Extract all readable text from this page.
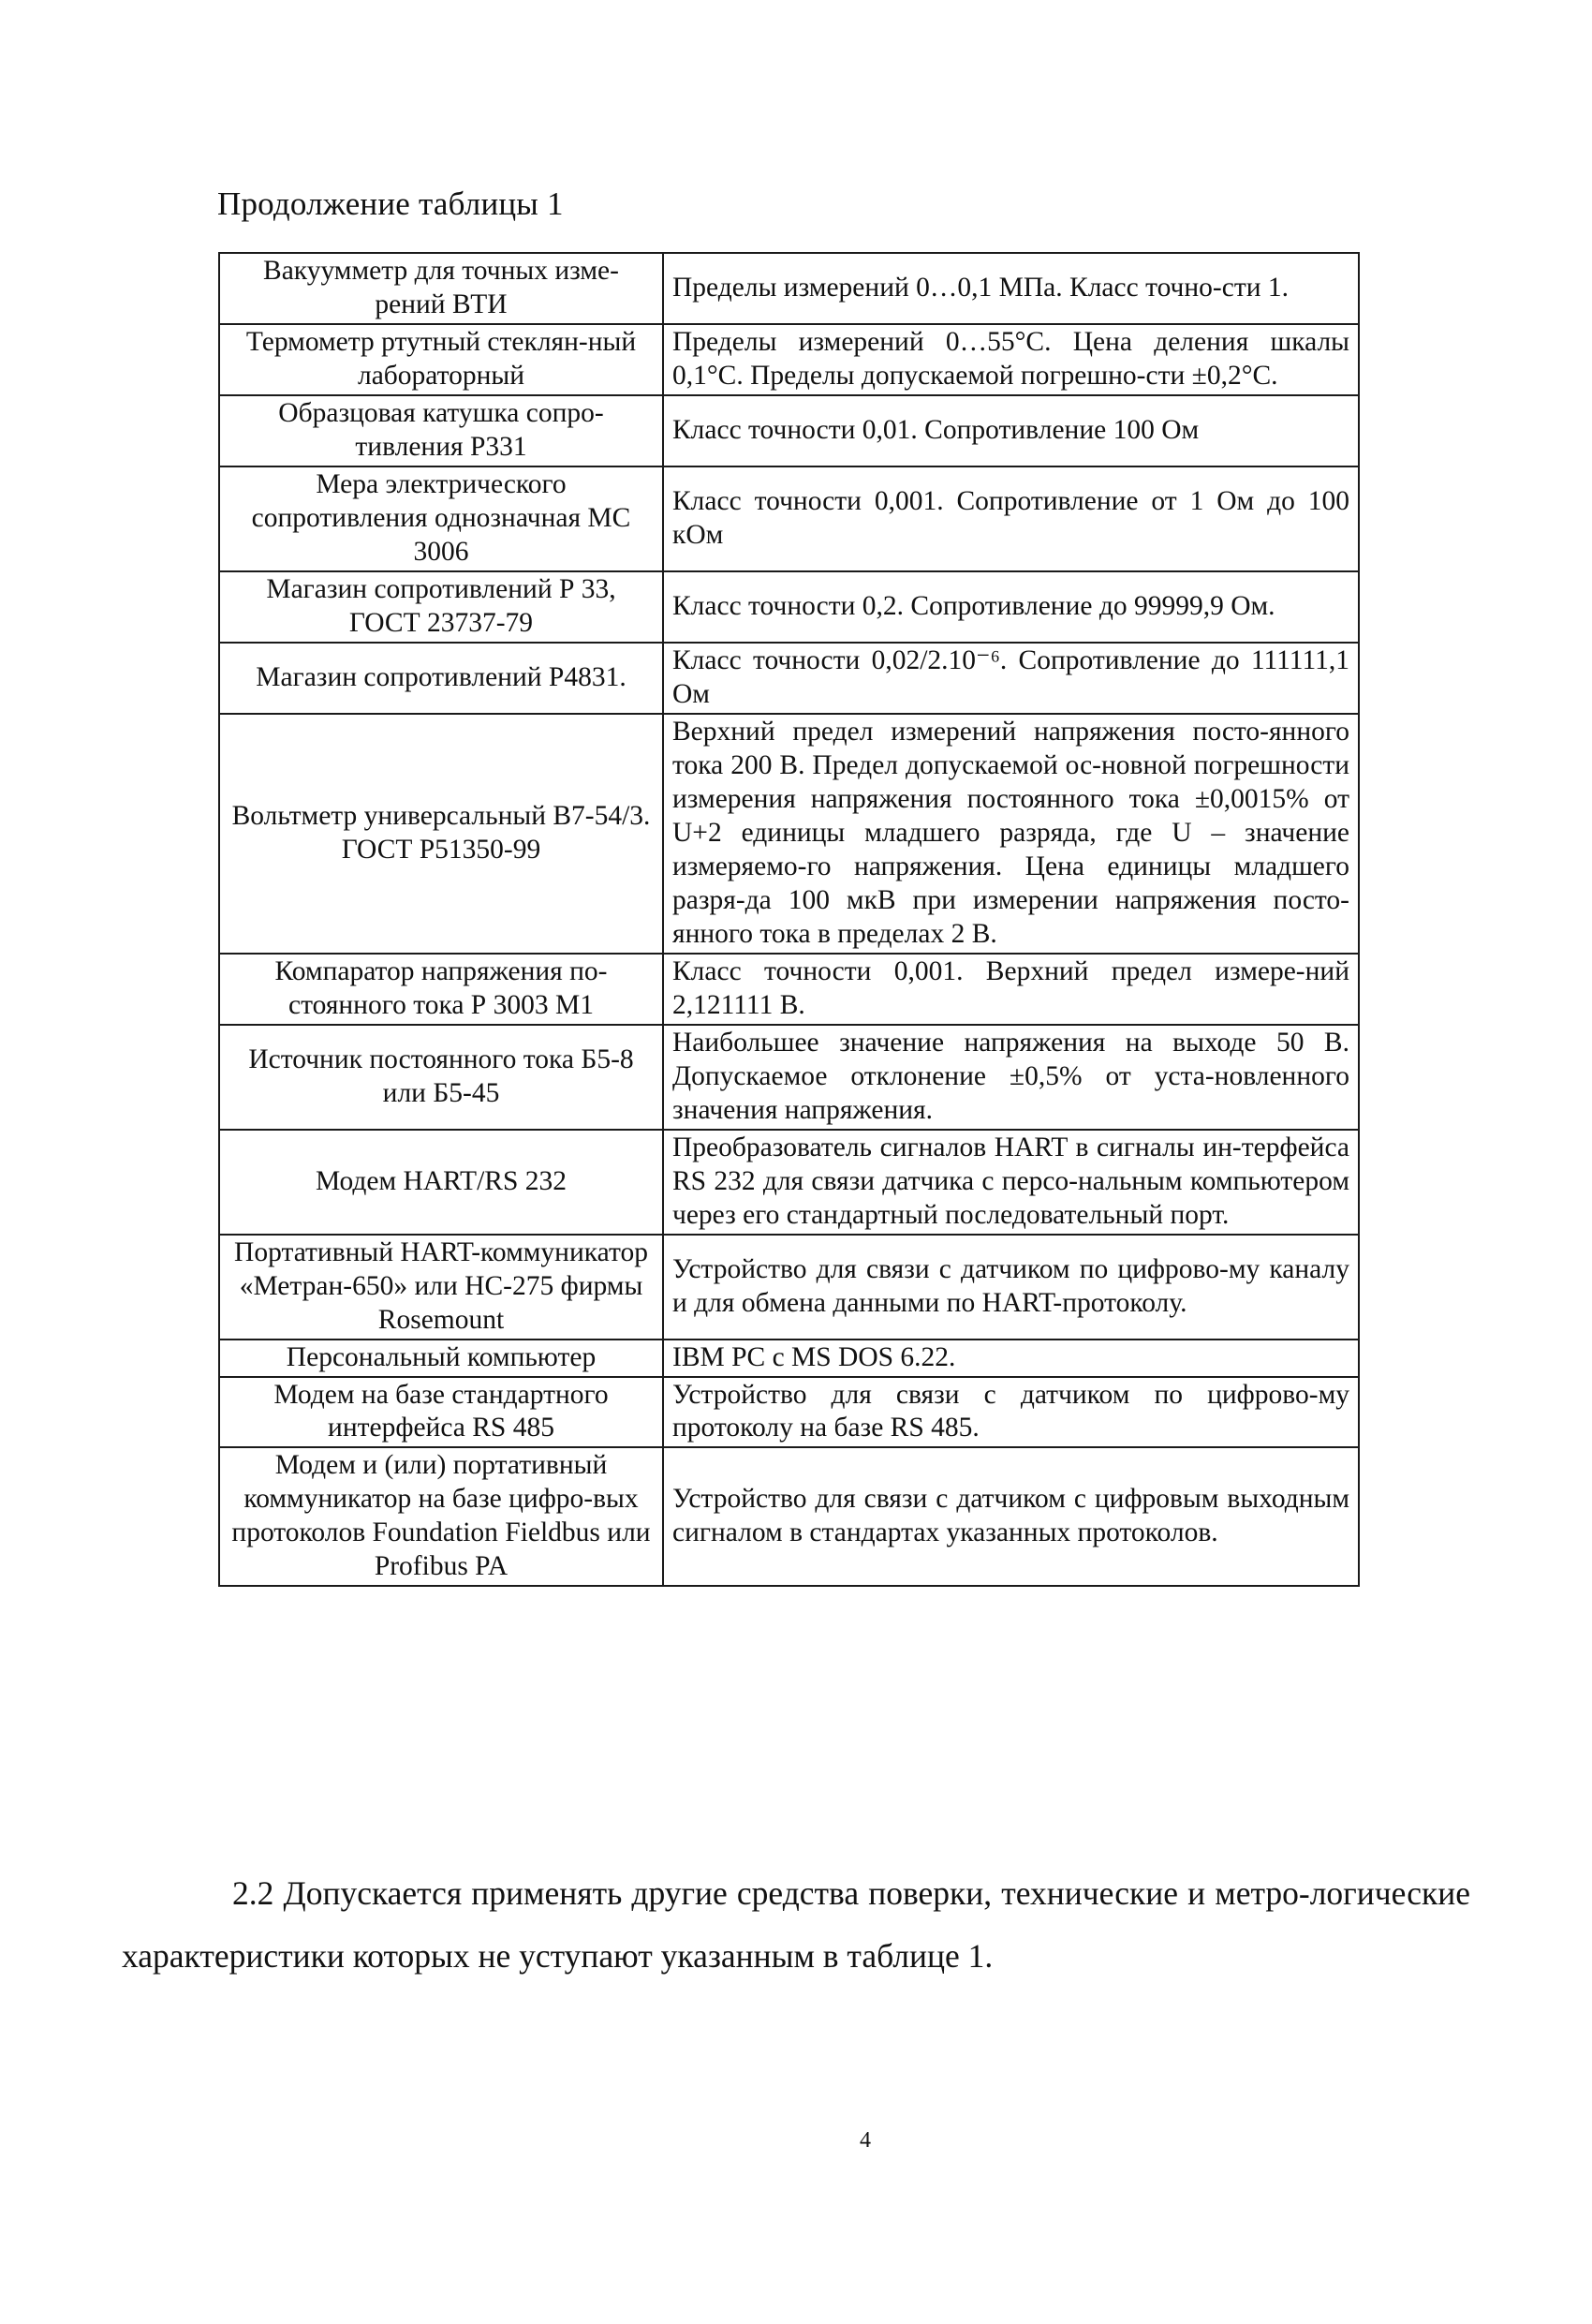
Продолжение таблицы 1
Вакуумметр для точных изме-рений ВТИ	Пределы измерений 0…0,1 МПа. Класс точно-сти 1.
Термометр ртутный стеклян-ный лабораторный	Пределы измерений 0…55°С. Цена деления шкалы 0,1°С. Пределы допускаемой погрешно-сти ±0,2°С.
Образцовая катушка сопро-тивления Р331	Класс точности 0,01. Сопротивление 100 Ом
Мера электрического сопротивления однозначная МС 3006	Класс точности 0,001. Сопротивление от 1 Ом до 100 кОм
Магазин сопротивлений Р 33, ГОСТ 23737-79	Класс точности 0,2. Сопротивление до 99999,9 Ом.
Магазин сопротивлений Р4831.	Класс точности 0,02/2.10⁻⁶. Сопротивление до 111111,1 Ом
Вольтметр универсальный В7-54/3. ГОСТ Р51350-99	Верхний предел измерений напряжения посто-янного тока 200 В. Предел допускаемой ос-новной погрешности измерения напряжения постоянного тока ±0,0015% от U+2 единицы младшего разряда, где U – значение измеряемо-го напряжения. Цена единицы младшего разря-да 100 мкВ при измерении напряжения посто-янного тока в пределах 2 В.
Компаратор напряжения по-стоянного тока Р 3003 М1	Класс точности 0,001. Верхний предел измере-ний 2,121111 В.
Источник постоянного тока Б5-8 или Б5-45	Наибольшее значение напряжения на выходе 50 В. Допускаемое отклонение ±0,5% от уста-новленного значения напряжения.
Модем HART/RS 232	Преобразователь сигналов HART в сигналы ин-терфейса RS 232 для связи датчика с персо-нальным компьютером через его стандартный последовательный порт.
Портативный HART-коммуникатор «Метран-650» или НС-275 фирмы Rosemount	Устройство для связи с датчиком по цифрово-му каналу и для обмена данными по HART-протоколу.
Персональный компьютер	IBM PC с MS DOS 6.22.
Модем на базе стандартного интерфейса RS 485	Устройство для связи с датчиком по цифрово-му протоколу на базе RS 485.
Модем и (или) портативный коммуникатор на базе цифро-вых протоколов Foundation Fieldbus или Profibus PA	Устройство для связи с датчиком с цифровым выходным сигналом в стандартах указанных протоколов.

2.2 Допускается применять другие средства поверки, технические и метро-логические характеристики которых не уступают указанным в таблице 1.

4
